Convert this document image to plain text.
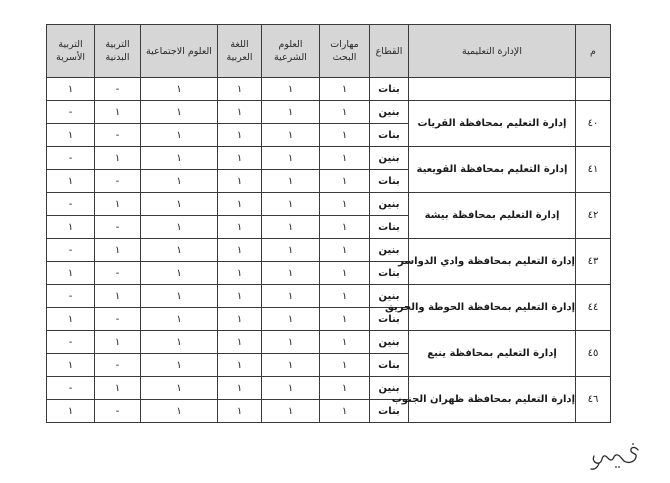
م	الإدارة التعليمية	القطاع	مهارات البحث	العلوم الشرعية	اللغة العربية	العلوم الاجتماعية	التربية البدنية	التربية الأسرية
		بنات	١	١	١	١	-	١
٤٠	إدارة التعليم بمحافظة القريات	بنين	١	١	١	١	١	-
		بنات	١	١	١	١	-	١
٤١	إدارة التعليم بمحافظة القويعية	بنين	١	١	١	١	١	-
		بنات	١	١	١	١	-	١
٤٢	إدارة التعليم بمحافظة بيشة	بنين	١	١	١	١	١	-
		بنات	١	١	١	١	-	١
٤٣	إدارة التعليم بمحافظة وادي الدواسر	بنين	١	١	١	١	١	-
		بنات	١	١	١	١	-	١
٤٤	إدارة التعليم بمحافظة الحوطة والحريق	بنين	١	١	١	١	١	-
		بنات	١	١	١	١	-	١
٤٥	إدارة التعليم بمحافظة ينبع	بنين	١	١	١	١	١	-
		بنات	١	١	١	١	-	١
٤٦	إدارة التعليم بمحافظة ظهران الجنوب	بنين	١	١	١	١	١	-
		بنات	١	١	١	١	-	١
